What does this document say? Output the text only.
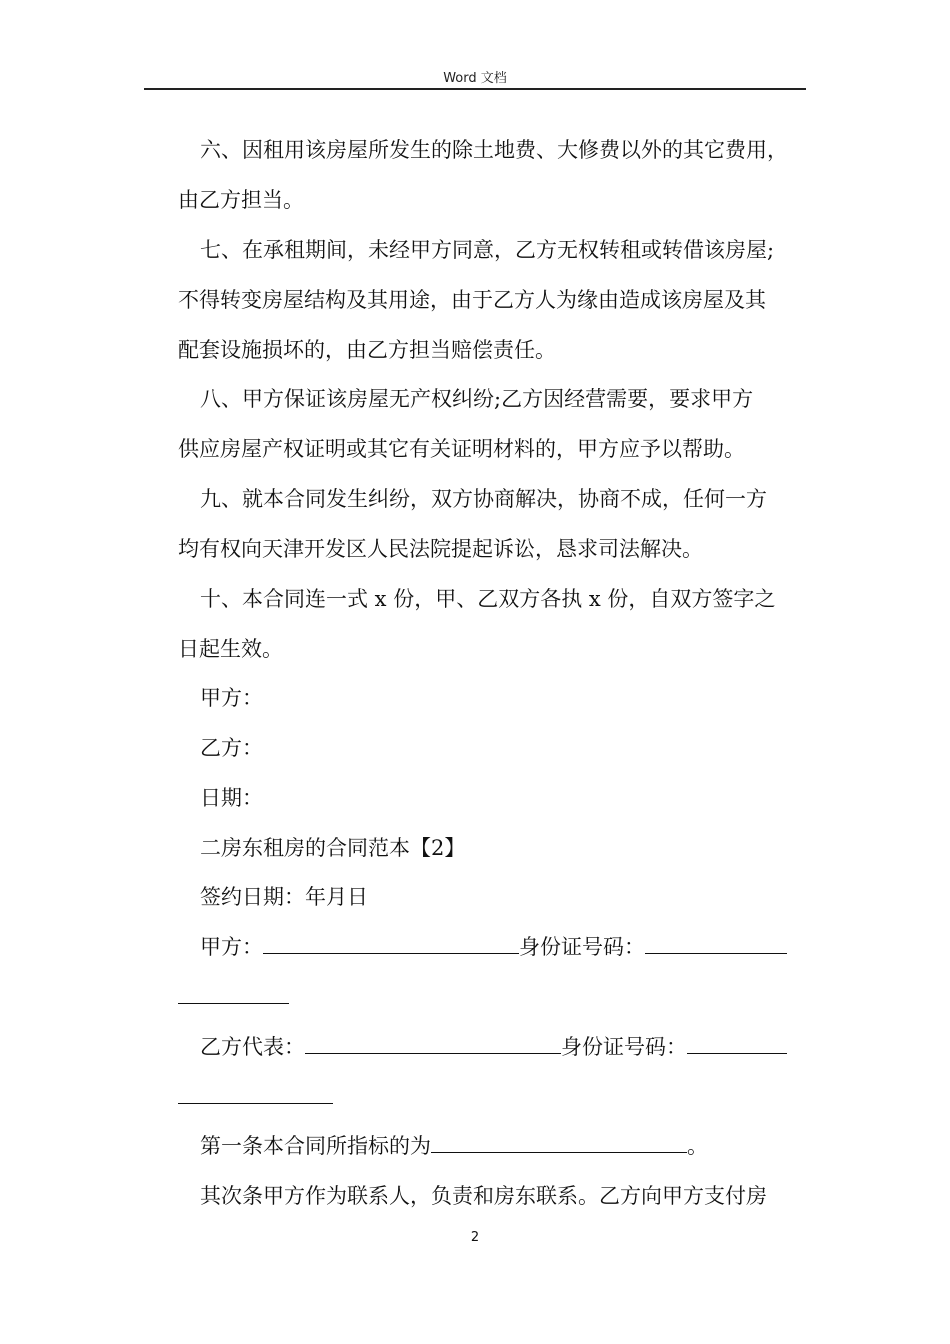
Word 文档
六、因租用该房屋所发生的除土地费、大修费以外的其它费用，
由乙方担当。
七、在承租期间，未经甲方同意，乙方无权转租或转借该房屋;
不得转变房屋结构及其用途，由于乙方人为缘由造成该房屋及其
配套设施损坏的，由乙方担当赔偿责任。
八、甲方保证该房屋无产权纠纷;乙方因经营需要，要求甲方
供应房屋产权证明或其它有关证明材料的，甲方应予以帮助。
九、就本合同发生纠纷，双方协商解决，协商不成，任何一方
均有权向天津开发区人民法院提起诉讼，恳求司法解决。
十、本合同连一式 x 份，甲、乙双方各执 x 份，自双方签字之
日起生效。
甲方：
乙方：
日期：
二房东租房的合同范本【2】
签约日期：年月日
甲方：	身份证号码：
乙方代表：	身份证号码：
第一条本合同所指标的为	。
其次条甲方作为联系人，负责和房东联系。乙方向甲方支付房
2
